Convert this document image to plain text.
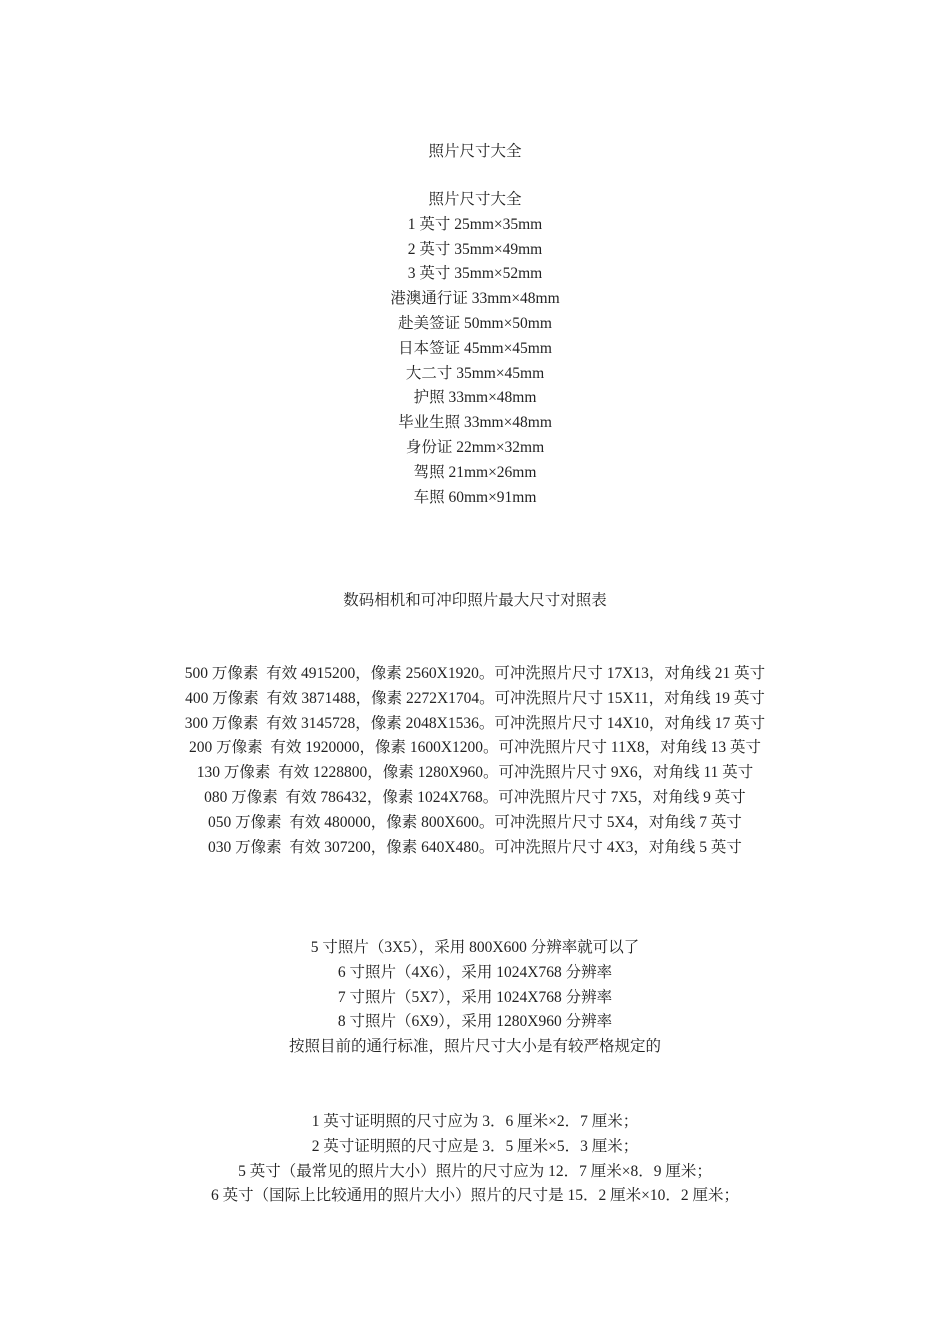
照片尺寸大全
照片尺寸大全
1 英寸 25mm×35mm
2 英寸 35mm×49mm
3 英寸 35mm×52mm
港澳通行证 33mm×48mm
赴美签证 50mm×50mm
日本签证 45mm×45mm
大二寸 35mm×45mm
护照 33mm×48mm
毕业生照 33mm×48mm
身份证 22mm×32mm
驾照 21mm×26mm
车照 60mm×91mm
数码相机和可冲印照片最大尺寸对照表
500 万像素  有效 4915200，像素 2560X1920。可冲洗照片尺寸 17X13，对角线 21 英寸
400 万像素  有效 3871488，像素 2272X1704。可冲洗照片尺寸 15X11，对角线 19 英寸
300 万像素  有效 3145728，像素 2048X1536。可冲洗照片尺寸 14X10，对角线 17 英寸
200 万像素  有效 1920000，像素 1600X1200。可冲洗照片尺寸 11X8，对角线 13 英寸
130 万像素  有效 1228800，像素 1280X960。可冲洗照片尺寸 9X6，对角线 11 英寸
080 万像素  有效 786432，像素 1024X768。可冲洗照片尺寸 7X5，对角线 9 英寸
050 万像素  有效 480000，像素 800X600。可冲洗照片尺寸 5X4，对角线 7 英寸
030 万像素  有效 307200，像素 640X480。可冲洗照片尺寸 4X3，对角线 5 英寸
5 寸照片（3X5），采用 800X600 分辨率就可以了
6 寸照片（4X6），采用 1024X768 分辨率
7 寸照片（5X7），采用 1024X768 分辨率
8 寸照片（6X9），采用 1280X960 分辨率
按照目前的通行标准，照片尺寸大小是有较严格规定的
1 英寸证明照的尺寸应为 3．6 厘米×2．7 厘米；
2 英寸证明照的尺寸应是 3．5 厘米×5．3 厘米；
5 英寸（最常见的照片大小）照片的尺寸应为 12．7 厘米×8．9 厘米；
6 英寸（国际上比较通用的照片大小）照片的尺寸是 15．2 厘米×10．2 厘米；
